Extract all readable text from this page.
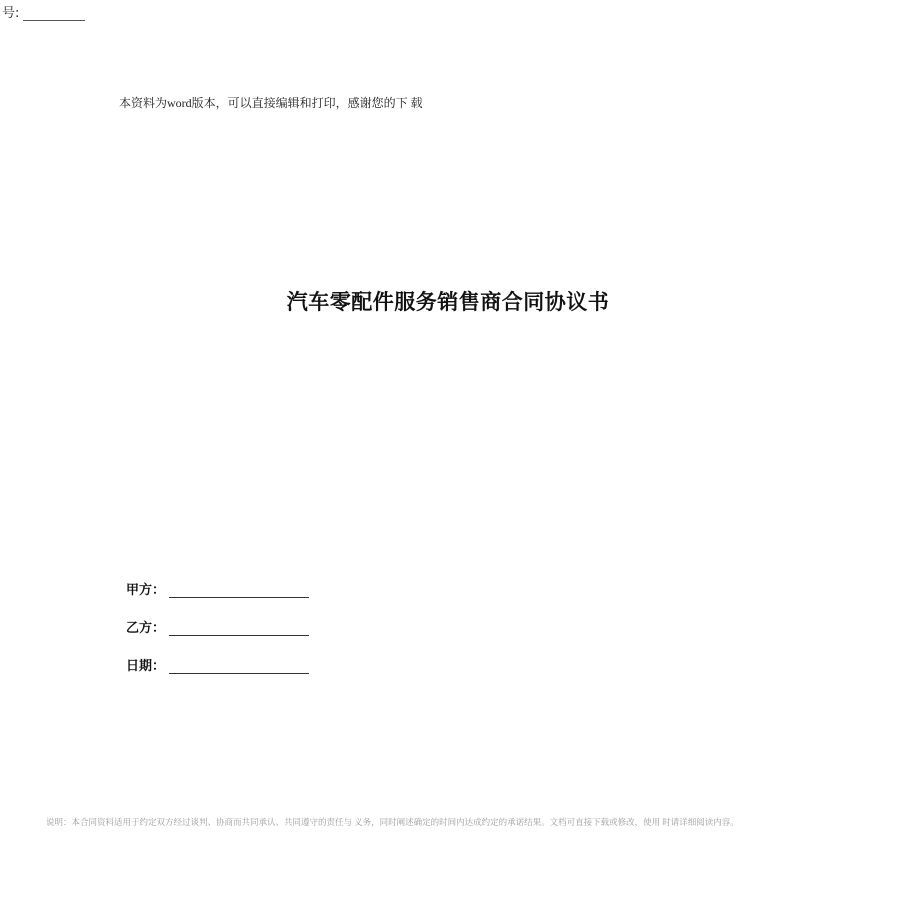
号:
本资料为word版本，可以直接编辑和打印，感谢您的下 载
汽车零配件服务销售商合同协议书
甲方：
乙方：
日期：
说明：本合同资料适用于约定双方经过谈判、协商而共同承认、共同遵守的责任与 义务，同时阐述确定的时间内达成约定的承诺结果。文档可直接下载或修改，使用 时请详细阅读内容。
